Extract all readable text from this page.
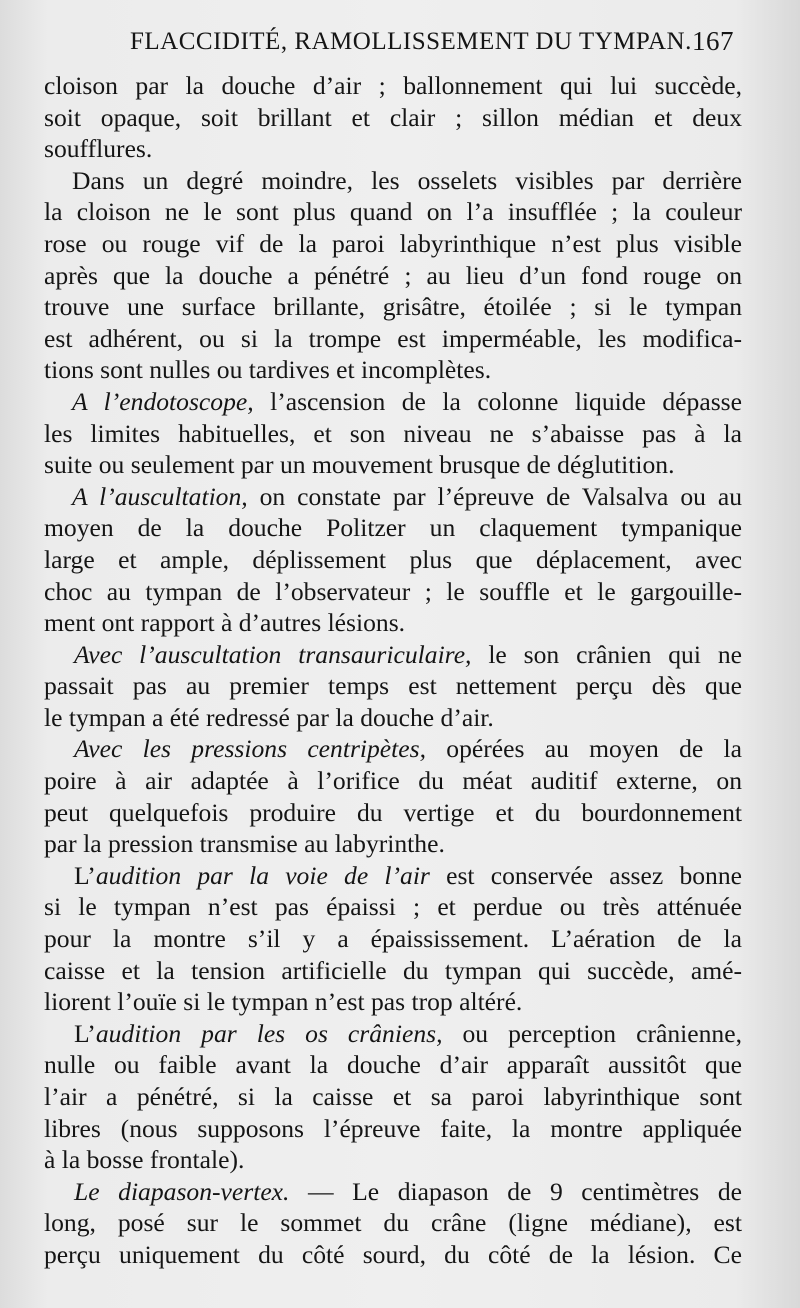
FLACCIDITÉ, RAMOLLISSEMENT DU TYMPAN. 167

cloison par la douche d’air ; ballonnement qui lui succède,

soit opaque, soit brillant et clair ; sillon médian et deux

soufflures.

Dans un degré moindre, les osselets visibles par derrière

la cloison ne le sont plus quand on l’a insufflée ; la couleur

rose ou rouge vif de la paroi labyrinthique n’est plus visible

après que la douche a pénétré ; au lieu d’un fond rouge on

trouve une surface brillante, grisâtre, étoilée ; si le tympan

est adhérent, ou si la trompe est imperméable, les modifica-

tions sont nulles ou tardives et incomplètes.

A l’endotoscope, l’ascension de la colonne liquide dépasse

les limites habituelles, et son niveau ne s’abaisse pas à la

suite ou seulement par un mouvement brusque de déglutition.

A l’auscultation, on constate par l’épreuve de Valsalva ou au

moyen de la douche Politzer un claquement tympanique

large et ample, déplissement plus que déplacement, avec

choc au tympan de l’observateur ; le souffle et le gargouille-

ment ont rapport à d’autres lésions.

Avec l’auscultation transauriculaire, le son crânien qui ne

passait pas au premier temps est nettement perçu dès que

le tympan a été redressé par la douche d’air.

Avec les pressions centripètes, opérées au moyen de la

poire à air adaptée à l’orifice du méat auditif externe, on

peut quelquefois produire du vertige et du bourdonnement

par la pression transmise au labyrinthe.

L’audition par la voie de l’air est conservée assez bonne

si le tympan n’est pas épaissi ; et perdue ou très atténuée

pour la montre s’il y a épaississement. L’aération de la

caisse et la tension artificielle du tympan qui succède, amé-

liorent l’ouïe si le tympan n’est pas trop altéré.

L’audition par les os crâniens, ou perception crânienne,

nulle ou faible avant la douche d’air apparaît aussitôt que

l’air a pénétré, si la caisse et sa paroi labyrinthique sont

libres (nous supposons l’épreuve faite, la montre appliquée

à la bosse frontale).

Le diapason-vertex. — Le diapason de 9 centimètres de

long, posé sur le sommet du crâne (ligne médiane), est

perçu uniquement du côté sourd, du côté de la lésion. Ce
